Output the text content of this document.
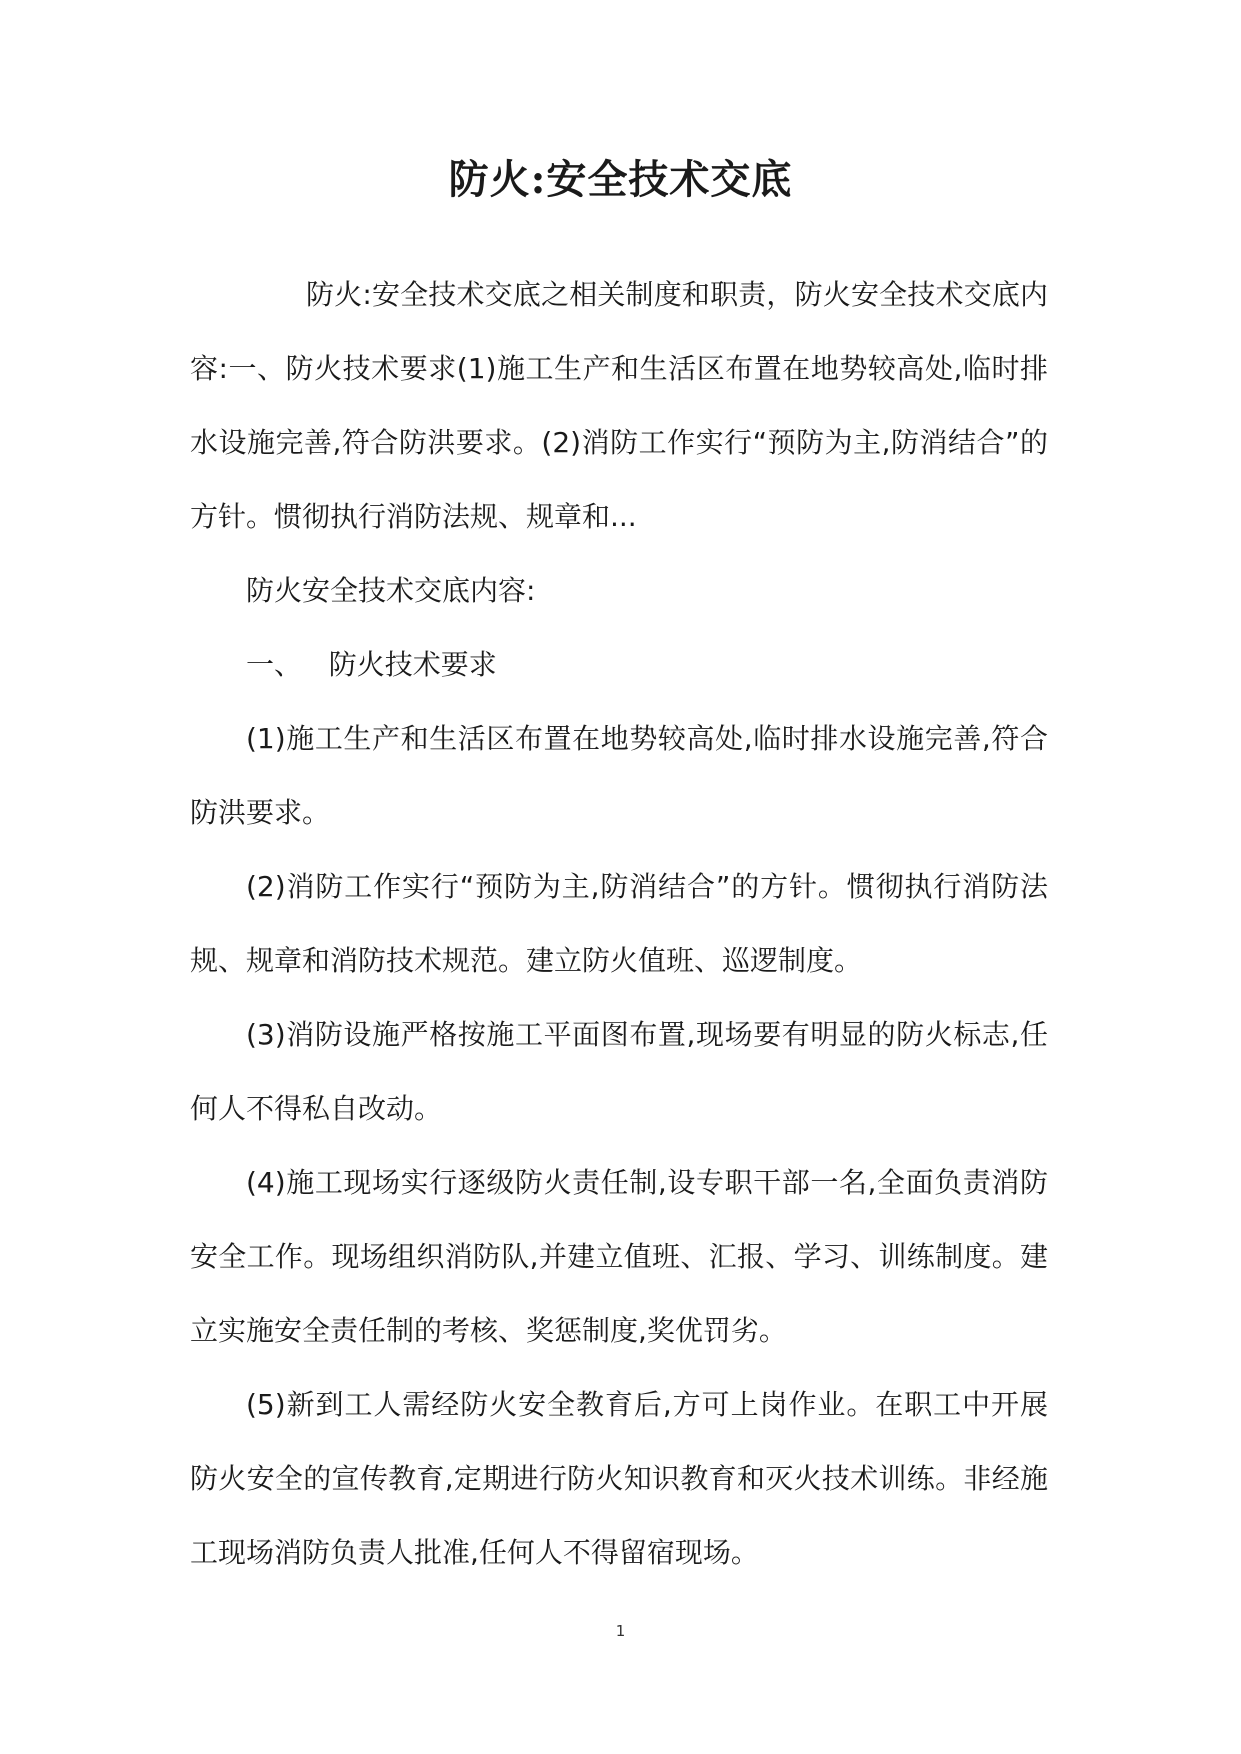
防火:安全技术交底

防火:安全技术交底之相关制度和职责，防火安全技术交底内容:一、防火技术要求(1)施工生产和生活区布置在地势较高处,临时排水设施完善,符合防洪要求。(2)消防工作实行“预防为主,防消结合”的方针。惯彻执行消防法规、规章和...

防火安全技术交底内容:

一、   防火技术要求

(1)施工生产和生活区布置在地势较高处,临时排水设施完善,符合防洪要求。

(2)消防工作实行“预防为主,防消结合”的方针。惯彻执行消防法规、规章和消防技术规范。建立防火值班、巡逻制度。

(3)消防设施严格按施工平面图布置,现场要有明显的防火标志,任何人不得私自改动。

(4)施工现场实行逐级防火责任制,设专职干部一名,全面负责消防安全工作。现场组织消防队,并建立值班、汇报、学习、训练制度。建立实施安全责任制的考核、奖惩制度,奖优罚劣。

(5)新到工人需经防火安全教育后,方可上岗作业。在职工中开展防火安全的宣传教育,定期进行防火知识教育和灭火技术训练。非经施工现场消防负责人批准,任何人不得留宿现场。

1
